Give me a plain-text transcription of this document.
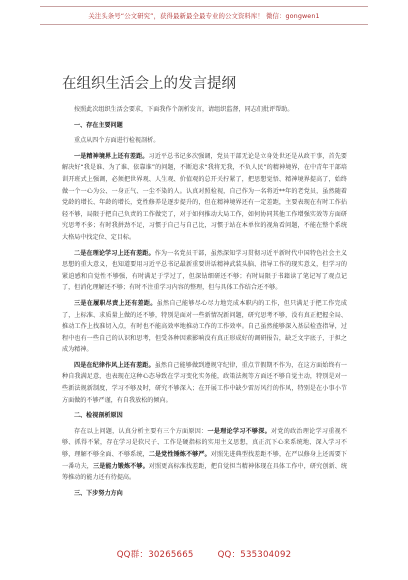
关注头条号“公文研究”，获得最新最全最专业的公文资料库！ 微信：gongwen1
在组织生活会上的发言提纲

按照此次组织生活会要求，下面我作个剖析发言，请组织监督，同志们批评帮助。

一、存在主要问题

重点从四个方面进行检视剖析。

一是精神境界上还有差距。习近平总书记多次强调，党员干部无论是立身处世还是从政干事，首先要解决好“我是谁、为了谁、依靠谁”的问题，不断追求“我将无我，不负人民”的精神境界，在中青年干部培训开班式上强调，必须把世界观、人生观、价值观的总开关拧紧了，把思想觉悟、精神境界提高了，始终做一个一心为公、一身正气、一尘不染的人。认真对照检视，自己作为一名将近**年的老党员，虽然随着党龄的增长、年龄的增长，党性修养是逐步提升的，但在精神境界还有一定差距，主要表现在有时工作拈轻不够，局限于把自己负责的工作做完了，对于如何推动大局工作，如何协同其他工作增强实效等方面研究思考不多；有时我拼劲不足，习惯于自己与自己比，习惯于站在本单位的视角看问题，不能在整个系统大格局中找定位、定目标。

二是在理论学习上还有差距。作为一名党员干部，虽然深知学习贯彻习近平新时代中国特色社会主义思想的重大意义，也知道要用习近平总书记最新重要讲话精神武装头脑、指导工作的现实意义，但学习的紧迫感和自觉性不够强，有时满足于学过了，但深钻细研还不够；有时局限于书籍读了笔记写了观点记了，但消化理解还不够；有时不注重学习内容的整理，但与具体工作结合还不够。

三是在履职尽责上还有差距。虽然自己能够尽心尽力地完成本职内的工作，但只满足于把工作完成了，上标准、求质量上做的还不够，特别是面对一些新情况新问题，研究思考不够，没有真正把握全局、推动工作上找准切入点，有时也不能高效率地推动工作的工作效率。自己虽然能够深入基层检查指导，过程中也有一些自己的认识和思考，但受各种因素影响没有真正形成好的调研报告，缺乏文字底子，于担之成为精神。

四是在纪律作风上还有差距。虽然自己能够做到遵规守纪律，重点节假期不作为，在这方面始终有一种自我满足意，也表现在这种心态导致在学习变化实务能，政策法规等方面还不够自觉主动，特别是对一些新法规新制度，学习不够及时，研究不够深入；在开展工作中缺少雷厉风行的作风，特别是在小事小节方面做的不够严谨，有自我放松的倾向。

二、检视剖析原因

存在以上问题，认真分析主要有三个方面原因：一是理论学习不够深。对党的政治理论学习重视不够、抓得不紧，存在学习是软尺子、工作是硬指标的实用主义思想，真正沉下心来系统地、深入学习不够，理解不够全面、不够系统，二是党性锤炼不够严。对照先进典型找差距不够，在严以修身上还需要下一番功夫，三是能力锻炼不够。对照更高标准找差距，把自觉担当精神体现在具体工作中，研究创新、统筹推动的能力还有待提高。

三、下步努力方向

QQ群：30265665	QQ：535304092
